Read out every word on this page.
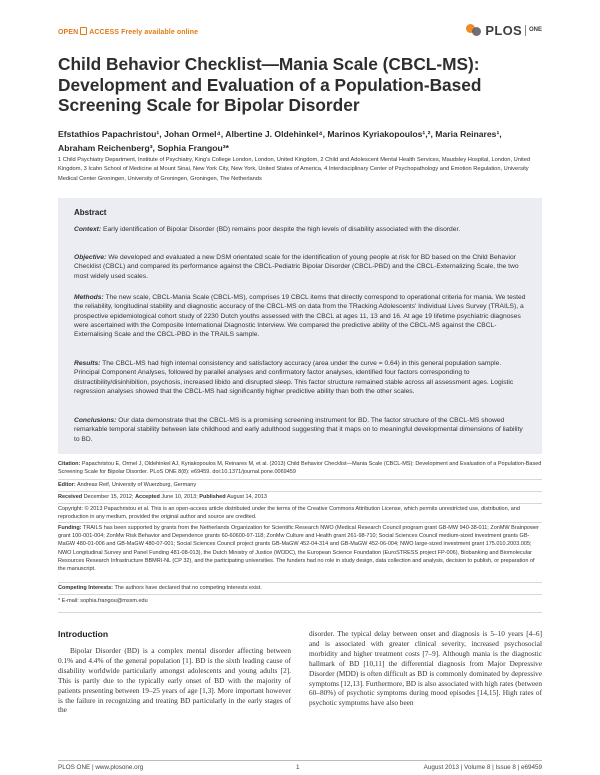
OPEN ACCESS Freely available online	PLOS ONE
Child Behavior Checklist—Mania Scale (CBCL-MS): Development and Evaluation of a Population-Based Screening Scale for Bipolar Disorder
Efstathios Papachristou¹, Johan Ormel⁴, Albertine J. Oldehinkel⁴, Marinos Kyriakopoulos¹,², Maria Reinares¹, Abraham Reichenberg³, Sophia Frangou³*
1 Child Psychiatry Department, Institute of Psychiatry, King's College London, London, United Kingdom, 2 Child and Adolescent Mental Health Services, Maudsley Hospital, London, United Kingdom, 3 Icahn School of Medicine at Mount Sinai, New York City, New York, United States of America, 4 Interdisciplinary Center of Psychopathology and Emotion Regulation, University Medical Center Groningen, University of Groningen, Groningen, The Netherlands
Abstract
Context: Early identification of Bipolar Disorder (BD) remains poor despite the high levels of disability associated with the disorder.
Objective: We developed and evaluated a new DSM orientated scale for the identification of young people at risk for BD based on the Child Behavior Checklist (CBCL) and compared its performance against the CBCL-Pediatric Bipolar Disorder (CBCL-PBD) and the CBCL-Externalizing Scale, the two most widely used scales.
Methods: The new scale, CBCL-Mania Scale (CBCL-MS), comprises 19 CBCL items that directly correspond to operational criteria for mania. We tested the reliability, longitudinal stability and diagnostic accuracy of the CBCL-MS on data from the TRacking Adolescents' Individual Lives Survey (TRAILS), a prospective epidemiological cohort study of 2230 Dutch youths assessed with the CBCL at ages 11, 13 and 16. At age 19 lifetime psychiatric diagnoses were ascertained with the Composite International Diagnostic Interview. We compared the predictive ability of the CBCL-MS against the CBCL-Externalising Scale and the CBCL-PBD in the TRAILS sample.
Results: The CBCL-MS had high internal consistency and satisfactory accuracy (area under the curve = 0.64) in this general population sample. Principal Component Analyses, followed by parallel analyses and confirmatory factor analyses, identified four factors corresponding to distractibility/disinhibition, psychosis, increased libido and disrupted sleep. This factor structure remained stable across all assessment ages. Logistic regression analyses showed that the CBCL-MS had significantly higher predictive ability than both the other scales.
Conclusions: Our data demonstrate that the CBCL-MS is a promising screening instrument for BD. The factor structure of the CBCL-MS showed remarkable temporal stability between late childhood and early adulthood suggesting that it maps on to meaningful developmental dimensions of liability to BD.
Citation: Papachristou E, Ormel J, Oldehinkel AJ, Kyriakopoulos M, Reinares M, et al. (2013) Child Behavior Checklist—Mania Scale (CBCL-MS): Development and Evaluation of a Population-Based Screening Scale for Bipolar Disorder. PLoS ONE 8(8): e69459. doi:10.1371/journal.pone.0069459
Editor: Andreas Reif, University of Wuerzburg, Germany
Received December 15, 2012; Accepted June 10, 2013; Published August 14, 2013
Copyright: © 2013 Papachristou et al. This is an open-access article distributed under the terms of the Creative Commons Attribution License, which permits unrestricted use, distribution, and reproduction in any medium, provided the original author and source are credited.
Funding: TRAILS has been supported by grants from the Netherlands Organization for Scientific Research NWO (Medical Research Council program grant GB-MW 940-38-011; ZonMW Brainpower grant 100-001-004; ZonMw Risk Behavior and Dependence grants 60-60600-97-118; ZonMw Culture and Health grant 261-98-710; Social Sciences Council medium-sized investment grants GB-MaGW 480-01-006 and GB-MaGW 480-07-001; Social Sciences Council project grants GB-MaGW 452-04-314 and GB-MaGW 452-06-004; NWO large-sized investment grant 175.010.2003.005; NWO Longitudinal Survey and Panel Funding 481-08-013), the Dutch Ministry of Justice (WODC), the European Science Foundation (EuroSTRESS project FP-006), Biobanking and Biomolecular Resources Research Infrastructure BBMRI-NL (CP 32), and the participating universities. The funders had no role in study design, data collection and analysis, decision to publish, or preparation of the manuscript.
Competing Interests: The authors have declared that no competing interests exist.
* E-mail: sophia.frangou@mssm.edu
Introduction
Bipolar Disorder (BD) is a complex mental disorder affecting between 0.1% and 4.4% of the general population [1]. BD is the sixth leading cause of disability worldwide particularly amongst adolescents and young adults [2]. This is partly due to the typically early onset of BD with the majority of patients presenting between 19–25 years of age [1,3]. More important however is the failure in recognizing and treating BD particularly in the early stages of the
disorder. The typical delay between onset and diagnosis is 5–10 years [4–6] and is associated with greater clinical severity, increased psychosocial morbidity and higher treatment costs [7–9]. Although mania is the diagnostic hallmark of BD [10,11] the differential diagnosis from Major Depressive Disorder (MDD) is often difficult as BD is commonly dominated by depressive symptoms [12,13]. Furthermore, BD is also associated with high rates (between 60–80%) of psychotic symptoms during mood episodes [14,15]. High rates of psychotic symptoms have also been
PLOS ONE | www.plosone.org	1	August 2013 | Volume 8 | Issue 8 | e69459
